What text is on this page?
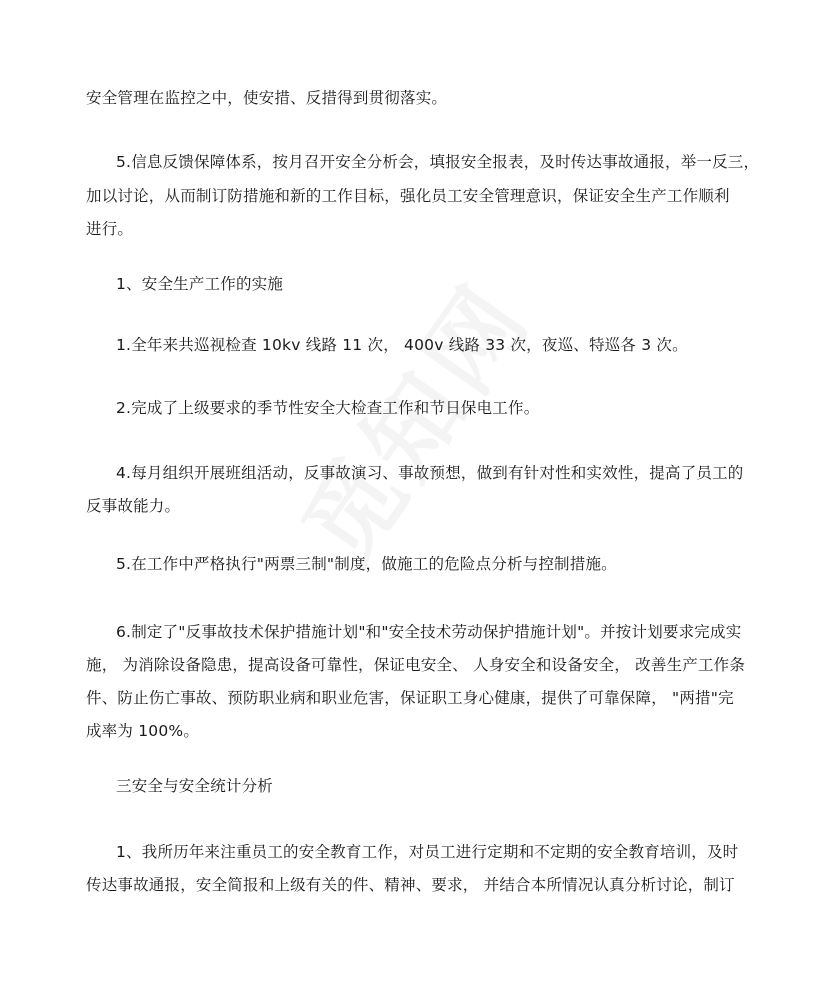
安全管理在监控之中，使安措、反措得到贯彻落实。
5.信息反馈保障体系，按月召开安全分析会，填报安全报表，及时传达事故通报，举一反三，
加以讨论，从而制订防措施和新的工作目标，强化员工安全管理意识，保证安全生产工作顺利
进行。
1、安全生产工作的实施
1.全年来共巡视检查 10kv 线路 11 次， 400v 线路 33 次，夜巡、特巡各 3 次。
2.完成了上级要求的季节性安全大检查工作和节日保电工作。
4.每月组织开展班组活动，反事故演习、事故预想，做到有针对性和实效性，提高了员工的
反事故能力。
5.在工作中严格执行"两票三制"制度，做施工的危险点分析与控制措施。
6.制定了"反事故技术保护措施计划"和"安全技术劳动保护措施计划"。并按计划要求完成实
施， 为消除设备隐患，提高设备可靠性，保证电安全、 人身安全和设备安全， 改善生产工作条
件、防止伤亡事故、预防职业病和职业危害，保证职工身心健康，提供了可靠保障， "两措"完
成率为 100%。
三安全与安全统计分析
1、我所历年来注重员工的安全教育工作，对员工进行定期和不定期的安全教育培训，及时
传达事故通报，安全简报和上级有关的件、精神、要求， 并结合本所情况认真分析讨论，制订
